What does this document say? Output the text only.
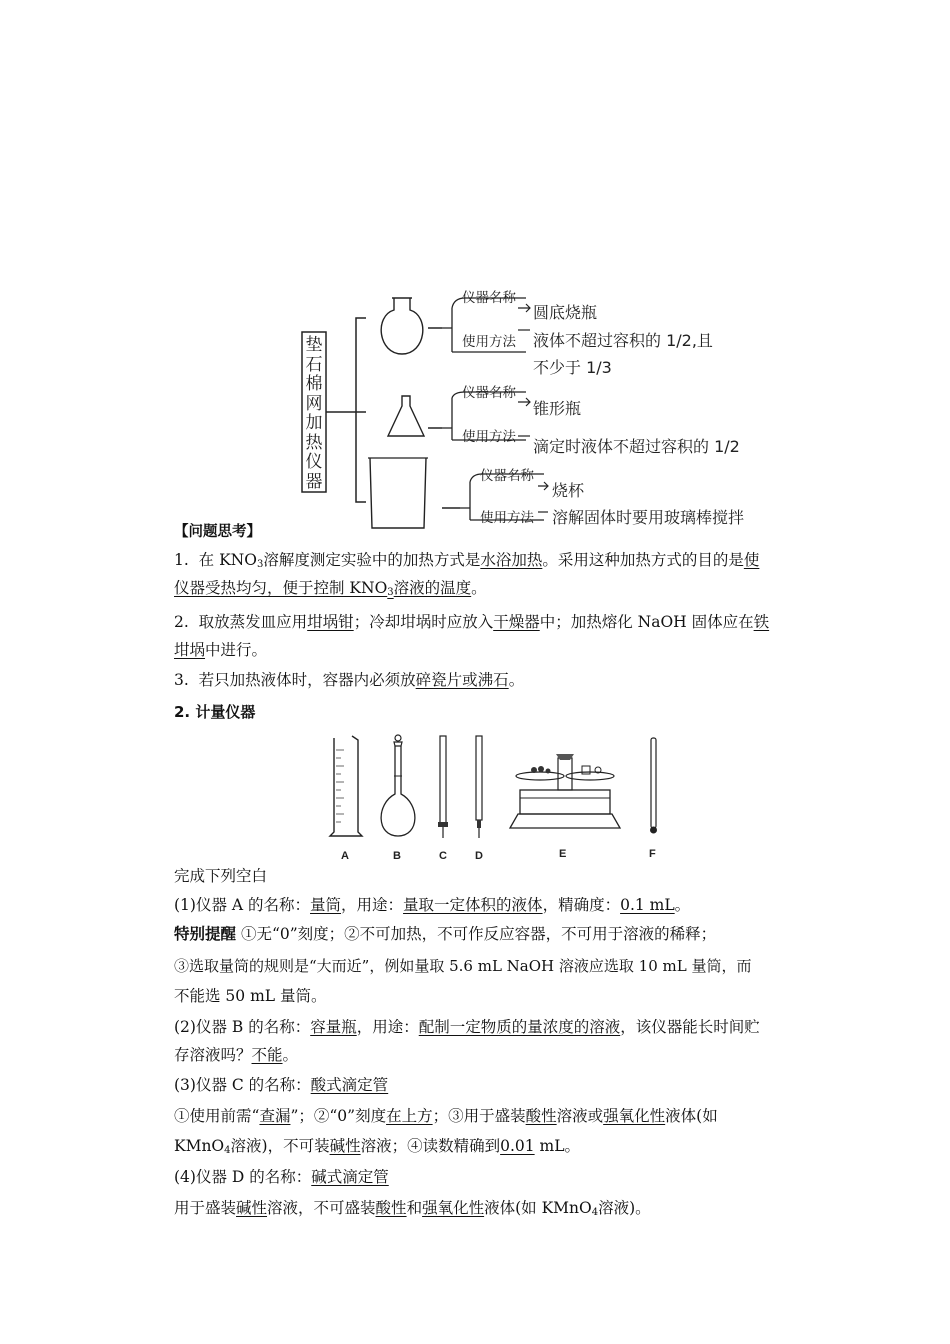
垫石棉网加热仪器
仪器名称
圆底烧瓶
使用方法 液体不超过容积的 1/2,且
不少于 1/3
仪器名称
锥形瓶
使用方法 滴定时液体不超过容积的 1/2
仪器名称
烧杯
使用方法 溶解固体时要用玻璃棒搅拌
【问题思考】
1. 在 $KNO_3$溶解度测定实验中的加热方式是水浴加热。采用这种加热方式的目的是使
仪器受热均匀，便于控制 $KNO_3$溶液的温度。
2. 取放蒸发皿应用坩埚钳；冷却坩埚时应放入干燥器中；加热熔化 NaOH 固体应在铁
坩埚中进行。
3. 若只加热液体时，容器内必须放碎瓷片或沸石。
2. 计量仪器
A	B	C	D	E	F
完成下列空白
(1)仪器 A 的名称：量筒，用途：量取一定体积的液体，精确度：0.1 mL。
特别提醒 ①无“0”刻度；②不可加热，不可作反应容器，不可用于溶液的稀释；
③选取量筒的规则是“大而近”，例如量取 5.6 mL NaOH 溶液应选取 10 mL 量筒，而
不能选 50 mL 量筒。
(2)仪器 B 的名称：容量瓶，用途：配制一定物质的量浓度的溶液，该仪器能长时间贮
存溶液吗？不能。
(3)仪器 C 的名称：酸式滴定管
①使用前需“查漏”；②“0”刻度在上方；③用于盛装酸性溶液或强氧化性液体(如
KMnO$_4$溶液)，不可装碱性溶液；④读数精确到0.01 mL。
(4)仪器 D 的名称：碱式滴定管
用于盛装碱性溶液，不可盛装酸性和强氧化性液体(如 KMnO$_4$溶液)。
